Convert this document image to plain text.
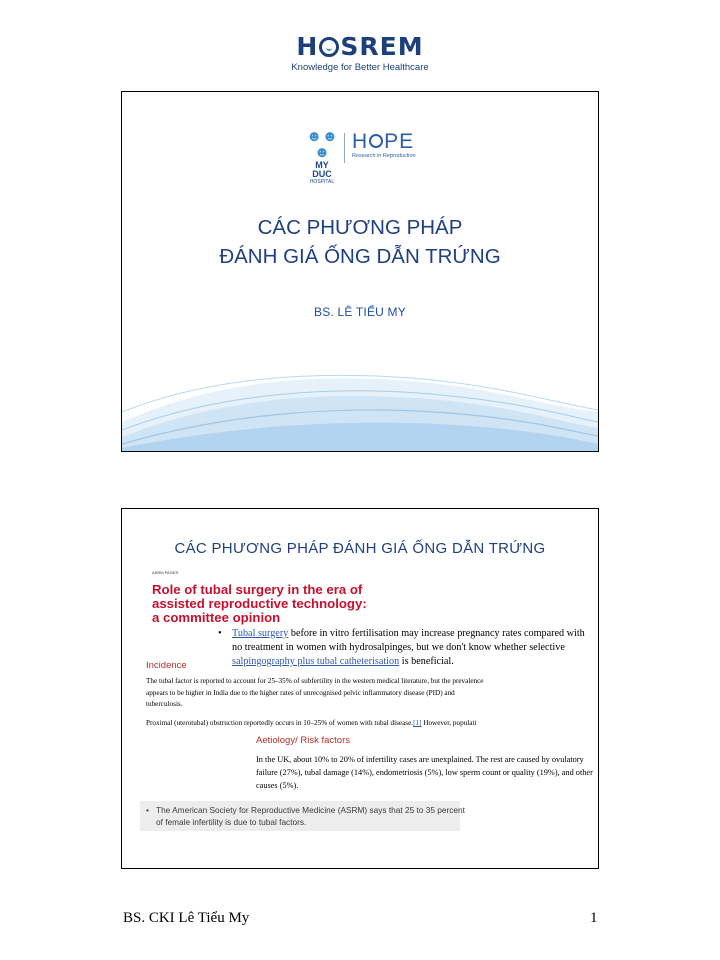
H SREM
Knowledge for Better Healthcare
☻☻☻
MY DUC
HOSPITAL
H PE
Research in Reproduction
CÁC PHƯƠNG PHÁP
ĐÁNH GIÁ ỐNG DẪN TRỨNG
BS. LÊ TIỂU MY
CÁC PHƯƠNG PHÁP ĐÁNH GIÁ ỐNG DẪN TRỨNG
ASRM PAGES
Role of tubal surgery in the era of
assisted reproductive technology:
a committee opinion
• Tubal surgery before in vitro fertilisation may increase pregnancy rates compared with no treatment in women with hydrosalpinges, but we don't know whether selective salpingography plus tubal catheterisation is beneficial.
Incidence
The tubal factor is reported to account for 25–35% of subfertility in the western medical literature, but the prevalence appears to be higher in India due to the higher rates of unrecognised pelvic inflammatory disease (PID) and tuberculosis.
Proximal (uterotubal) obstruction reportedly occurs in 10–25% of women with tubal disease.[1] However, populati
Aetiology/ Risk factors
In the UK, about 10% to 20% of infertility cases are unexplained. The rest are caused by ovulatory failure (27%), tubal damage (14%), endometriosis (5%), low sperm count or quality (19%), and other causes (5%).
• The American Society for Reproductive Medicine (ASRM) says that 25 to 35 percent of female infertility is due to tubal factors.
BS. CKI Lê Tiểu My	1
